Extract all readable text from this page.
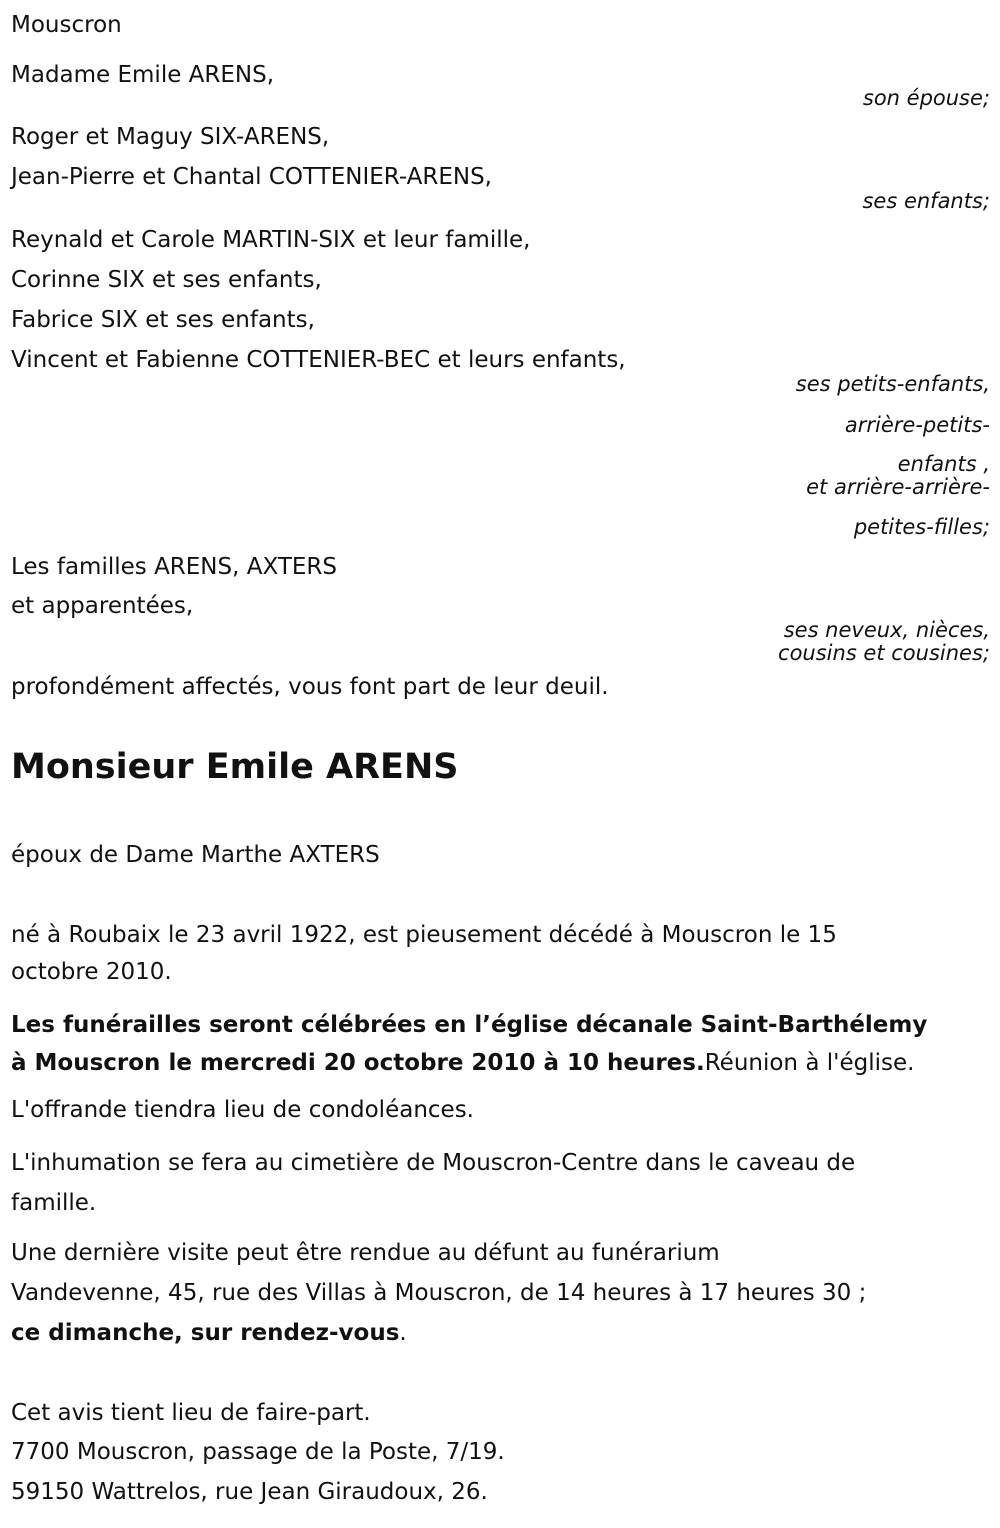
Mouscron
Madame Emile ARENS,
son épouse;
Roger et Maguy SIX-ARENS,
Jean-Pierre et Chantal COTTENIER-ARENS,
ses enfants;
Reynald et Carole MARTIN-SIX et leur famille,
Corinne SIX et ses enfants,
Fabrice SIX et ses enfants,
Vincent et Fabienne COTTENIER-BEC et leurs enfants,
ses petits-enfants,
arrière-petits-
enfants ,
et arrière-arrière-
petites-filles;
Les familles ARENS, AXTERS
et apparentées,
ses neveux, nièces,
cousins et cousines;
profondément affectés, vous font part de leur deuil.
Monsieur Emile ARENS
époux de Dame Marthe AXTERS
né à Roubaix le 23 avril 1922, est pieusement décédé à Mouscron le 15
octobre 2010.
Les funérailles seront célébrées en l’église décanale Saint-Barthélemy
à Mouscron le mercredi 20 octobre 2010 à 10 heures.Réunion à l'église.
L'offrande tiendra lieu de condoléances.
L'inhumation se fera au cimetière de Mouscron-Centre dans le caveau de
famille.
Une dernière visite peut être rendue au défunt au funérarium
Vandevenne, 45, rue des Villas à Mouscron, de 14 heures à 17 heures 30 ;
ce dimanche, sur rendez-vous.
Cet avis tient lieu de faire-part.
7700 Mouscron, passage de la Poste, 7/19.
59150 Wattrelos, rue Jean Giraudoux, 26.
